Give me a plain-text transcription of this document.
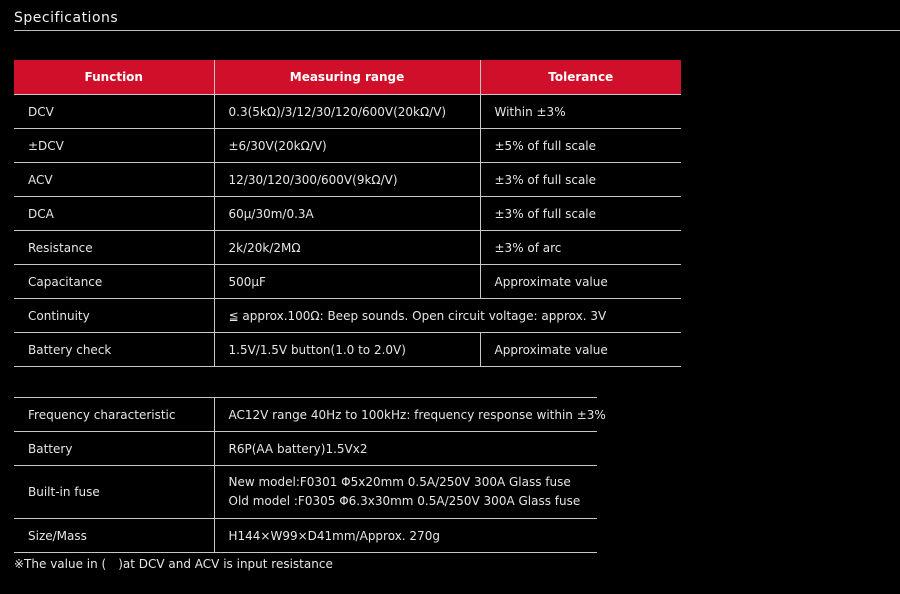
Specifications
Function	Measuring range	Tolerance
DCV	0.3(5kΩ)/3/12/30/120/600V(20kΩ/V)	Within ±3%
±DCV	±6/30V(20kΩ/V)	±5% of full scale
ACV	12/30/120/300/600V(9kΩ/V)	±3% of full scale
DCA	60μ/30m/0.3A	±3% of full scale
Resistance	2k/20k/2MΩ	±3% of arc
Capacitance	500μF	Approximate value
Continuity	≦ approx.100Ω: Beep sounds. Open circuit voltage: approx. 3V	
Battery check	1.5V/1.5V button(1.0 to 2.0V)	Approximate value
Frequency characteristic	AC12V range 40Hz to 100kHz: frequency response within ±3%
Battery	R6P(AA battery)1.5Vx2
Built-in fuse	New model:F0301 Φ5x20mm 0.5A/250V 300A Glass fuse
Old model :F0305 Φ6.3x30mm 0.5A/250V 300A Glass fuse

Size/Mass	H144×W99×D41mm/Approx. 270g
※The value in (　)at DCV and ACV is input resistance
